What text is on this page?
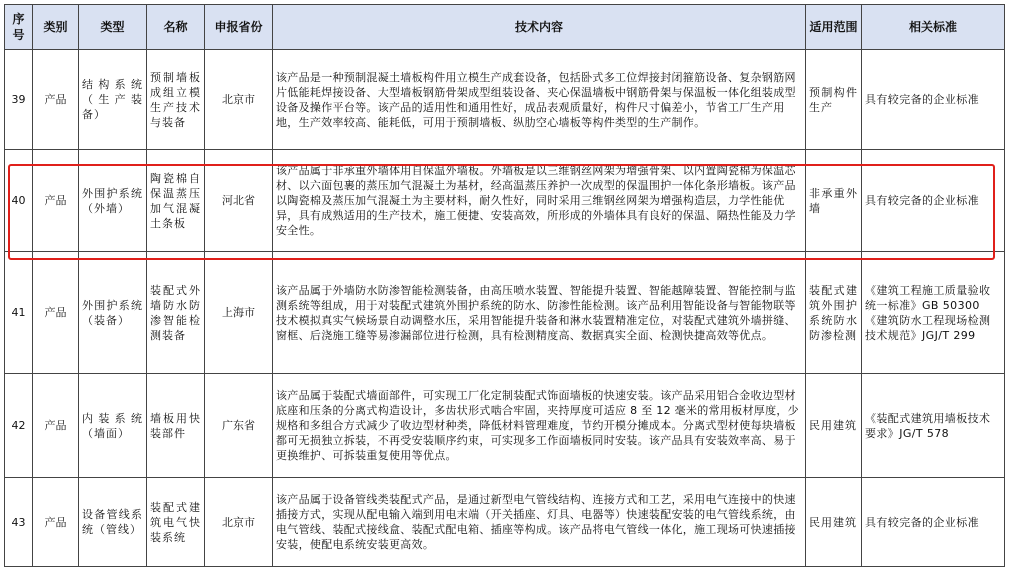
序号	类别	类型	名称	申报省份	技术内容	适用范围	相关标准
39	产品	结构系统（生产装备）	预制墙板成组立模生产技术与装备	北京市	该产品是一种预制混凝土墙板构件用立模生产成套设备，包括卧式多工位焊接封闭箍筋设备、复杂钢筋网片低能耗焊接设备、大型墙板钢筋骨架成型组装设备、夹心保温墙板中钢筋骨架与保温板一体化组装成型设备及操作平台等。该产品的适用性和通用性好，成品表观质量好，构件尺寸偏差小，节省工厂生产用地，生产效率较高、能耗低，可用于预制墙板、纵肋空心墙板等构件类型的生产制作。	预制构件生产	具有较完备的企业标准
40	产品	外围护系统（外墙）	陶瓷棉自保温蒸压加气混凝土条板	河北省	该产品属于非承重外墙体用自保温外墙板。外墙板是以三维钢丝网架为增强骨架、以内置陶瓷棉为保温芯材、以六面包裹的蒸压加气混凝土为基材，经高温蒸压养护一次成型的保温围护一体化条形墙板。该产品以陶瓷棉及蒸压加气混凝土为主要材料，耐久性好，同时采用三维钢丝网架为增强构造层，力学性能优异，具有成熟适用的生产技术，施工便捷、安装高效，所形成的外墙体具有良好的保温、隔热性能及力学安全性。	非承重外墙	具有较完备的企业标准
41	产品	外围护系统（装备）	装配式外墙防水防渗智能检测装备	上海市	该产品属于外墙防水防渗智能检测装备，由高压喷水装置、智能提升装置、智能越障装置、智能控制与监测系统等组成，用于对装配式建筑外围护系统的防水、防渗性能检测。该产品利用智能设备与智能物联等技术模拟真实气候场景自动调整水压，采用智能提升装备和淋水装置精准定位，对装配式建筑外墙拼缝、窗框、后浇施工缝等易渗漏部位进行检测，具有检测精度高、数据真实全面、检测快捷高效等优点。	装配式建筑外围护系统防水防渗检测	《建筑工程施工质量验收统一标准》GB 50300《建筑防水工程现场检测技术规范》JGJ/T 299
42	产品	内装系统（墙面）	墙板用快装部件	广东省	该产品属于装配式墙面部件，可实现工厂化定制装配式饰面墙板的快速安装。该产品采用铝合金收边型材底座和压条的分离式构造设计，多齿状形式啮合牢固，夹持厚度可适应 8 至 12 毫米的常用板材厚度，少规格和多组合方式减少了收边型材种类，降低材料管理难度，节约开模分摊成本。分离式型材使每块墙板都可无损独立拆装，不再受安装顺序约束，可实现多工作面墙板同时安装。该产品具有安装效率高、易于更换维护、可拆装重复使用等优点。	民用建筑	《装配式建筑用墙板技术要求》JG/T 578
43	产品	设备管线系统（管线）	装配式建筑电气快装系统	北京市	该产品属于设备管线类装配式产品，是通过新型电气管线结构、连接方式和工艺，采用电气连接中的快速插接方式，实现从配电输入端到用电末端（开关插座、灯具、电器等）快速装配安装的电气管线系统，由电气管线、装配式接线盒、装配式配电箱、插座等构成。该产品将电气管线一体化，施工现场可快速插接安装，使配电系统安装更高效。	民用建筑	具有较完备的企业标准
